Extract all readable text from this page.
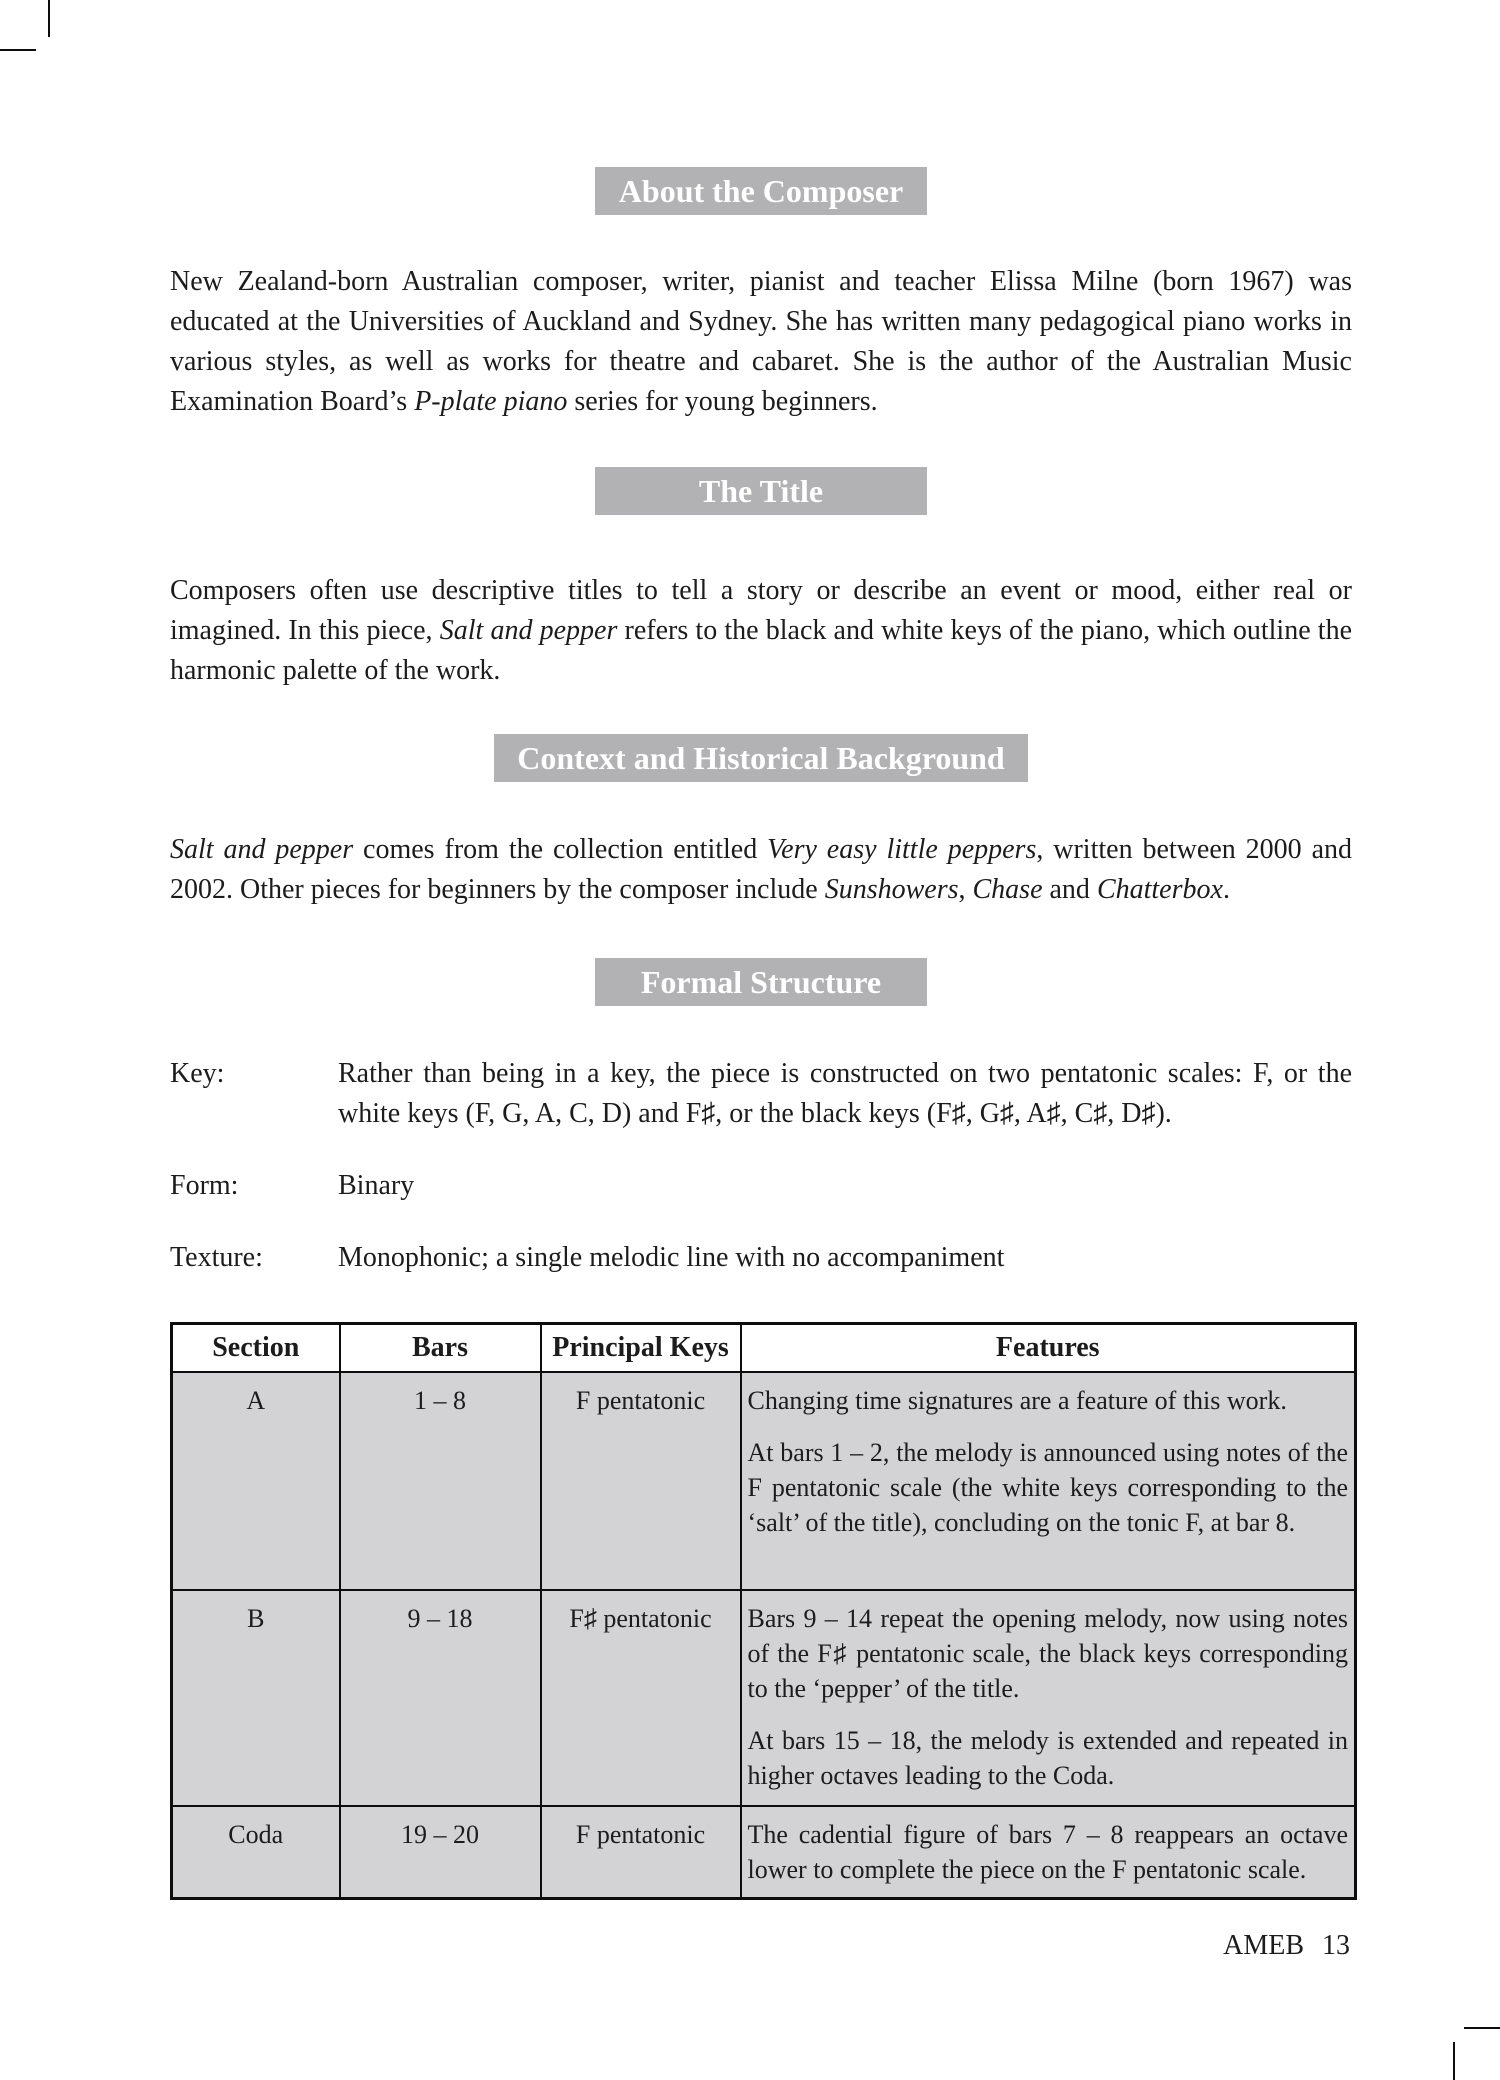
About the Composer

New Zealand-born Australian composer, writer, pianist and teacher Elissa Milne (born 1967) was educated at the Universities of Auckland and Sydney. She has written many pedagogical piano works in various styles, as well as works for theatre and cabaret. She is the author of the Australian Music Examination Board’s P-plate piano series for young beginners.

The Title

Composers often use descriptive titles to tell a story or describe an event or mood, either real or imagined. In this piece, Salt and pepper refers to the black and white keys of the piano, which outline the harmonic palette of the work.

Context and Historical Background

Salt and pepper comes from the collection entitled Very easy little peppers, written between 2000 and 2002. Other pieces for beginners by the composer include Sunshowers, Chase and Chatterbox.

Formal Structure
Key:	Rather than being in a key, the piece is constructed on two pentatonic scales: F, or the white keys (F, G, A, C, D) and F♯, or the black keys (F♯, G♯, A♯, C♯, D♯).
Form:	Binary
Texture:	Monophonic; a single melodic line with no accompaniment
Section	Bars	Principal Keys	Features
A	1 – 8	F pentatonic	Changing time signatures are a feature of this work.

At bars 1 – 2, the melody is announced using notes of the F pentatonic scale (the white keys corresponding to the ‘salt’ of the title), concluding on the tonic F, at bar 8.

B	9 – 18	F♯ pentatonic	Bars 9 – 14 repeat the opening melody, now using notes of the F♯ pentatonic scale, the black keys corresponding to the ‘pepper’ of the title.

At bars 15 – 18, the melody is extended and repeated in higher octaves leading to the Coda.

Coda	19 – 20	F pentatonic	The cadential figure of bars 7 – 8 reappears an octave lower to complete the piece on the F pentatonic scale.

AMEB 13
